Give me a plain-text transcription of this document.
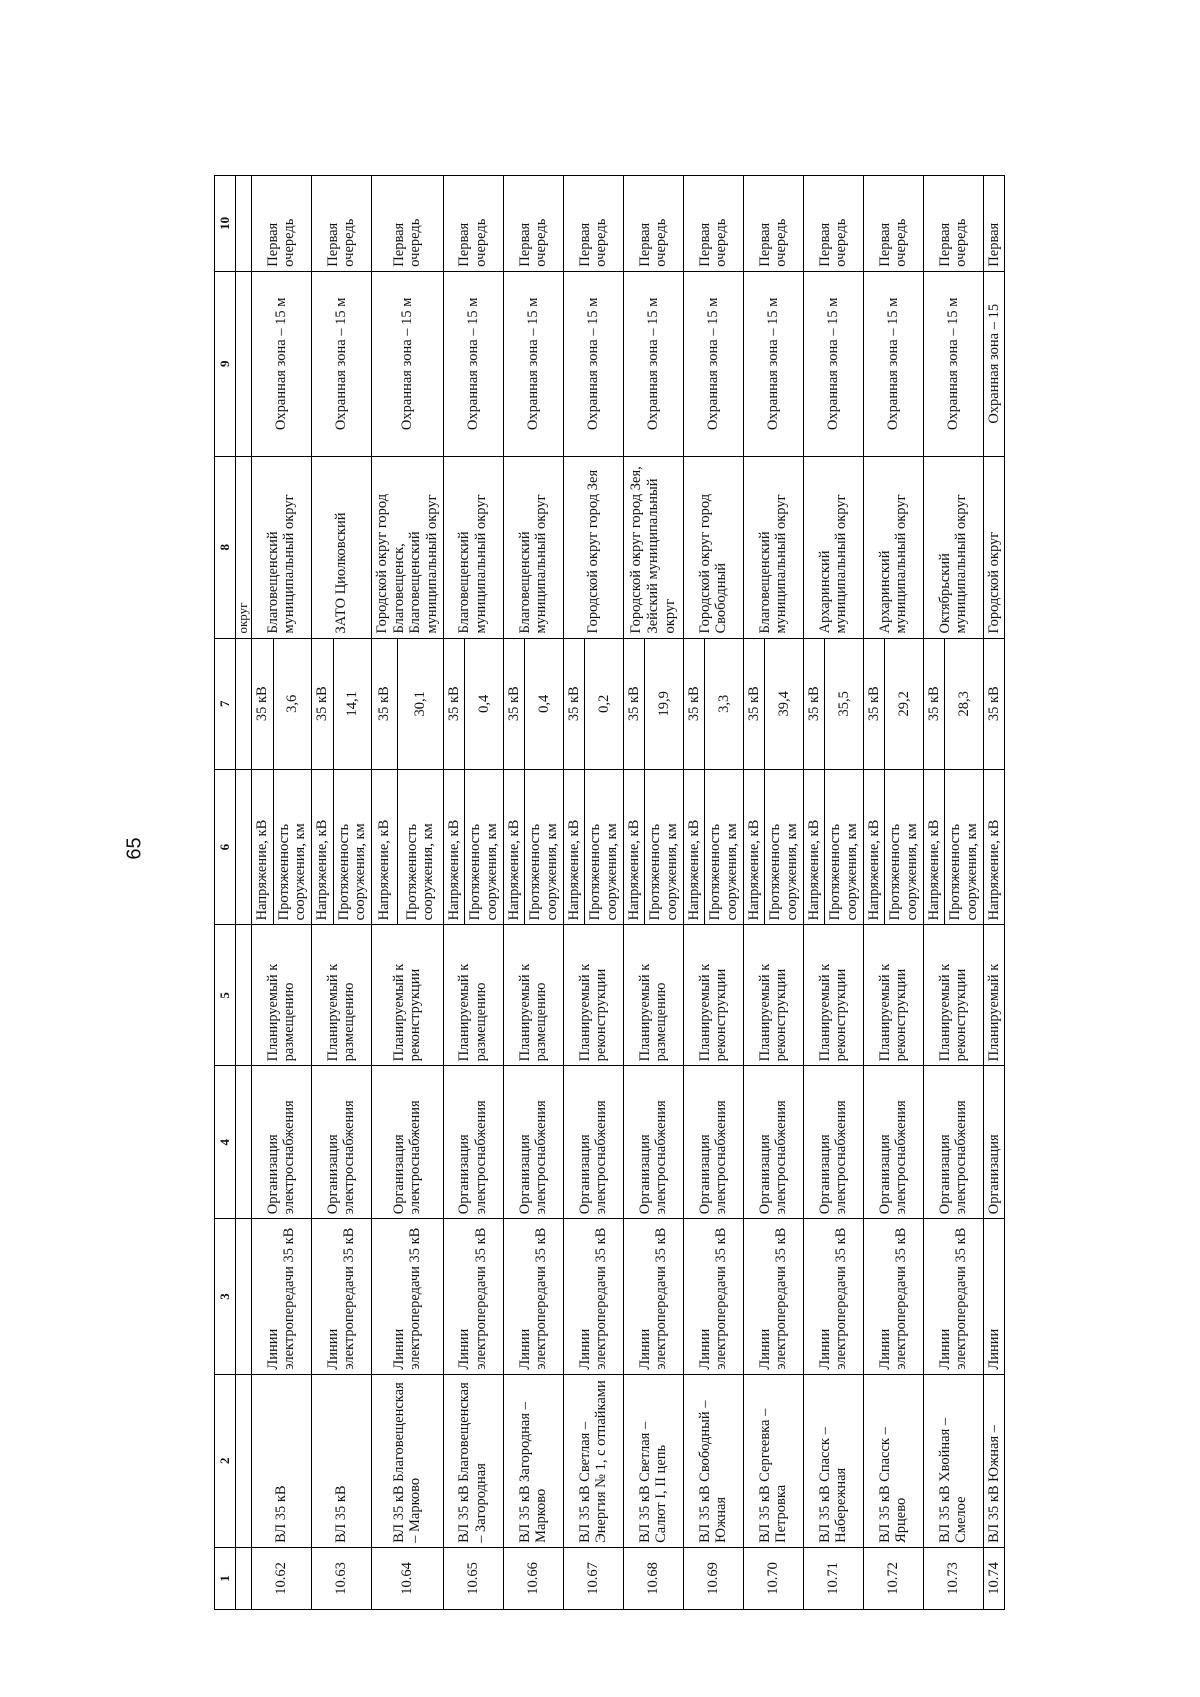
65
1	2	3	4	5	6	7	8	9	10
							округ		
10.62	ВЛ 35 кВ	Линии электропередачи 35 кВ	Организация электроснабжения	Планируемый к размещению	Напряжение, кВ	35 кВ	Благовещенский муниципальный округ	Охранная зона – 15 м	Первая очередь
					Протяженность сооружения, км	3,6			
10.63	ВЛ 35 кВ	Линии электропередачи 35 кВ	Организация электроснабжения	Планируемый к размещению	Напряжение, кВ	35 кВ	ЗАТО Циолковский	Охранная зона – 15 м	Первая очередь
					Протяженность сооружения, км	14,1			
10.64	ВЛ 35 кВ Благовещенская – Марково	Линии электропередачи 35 кВ	Организация электроснабжения	Планируемый к реконструкции	Напряжение, кВ	35 кВ	Городской округ город Благовещенск, Благовещенский муниципальный округ	Охранная зона – 15 м	Первая очередь
					Протяженность сооружения, км	30,1			
10.65	ВЛ 35 кВ Благовещенская – Загородная	Линии электропередачи 35 кВ	Организация электроснабжения	Планируемый к размещению	Напряжение, кВ	35 кВ	Благовещенский муниципальный округ	Охранная зона – 15 м	Первая очередь
					Протяженность сооружения, км	0,4			
10.66	ВЛ 35 кВ Загородная – Марково	Линии электропередачи 35 кВ	Организация электроснабжения	Планируемый к размещению	Напряжение, кВ	35 кВ	Благовещенский муниципальный округ	Охранная зона – 15 м	Первая очередь
					Протяженность сооружения, км	0,4			
10.67	ВЛ 35 кВ Светлая – Энергия № 1, с отпайками	Линии электропередачи 35 кВ	Организация электроснабжения	Планируемый к реконструкции	Напряжение, кВ	35 кВ	Городской округ город Зея	Охранная зона – 15 м	Первая очередь
					Протяженность сооружения, км	0,2			
10.68	ВЛ 35 кВ Светлая – Салют I, II цепь	Линии электропередачи 35 кВ	Организация электроснабжения	Планируемый к размещению	Напряжение, кВ	35 кВ	Городской округ город Зея, Зейский муниципальный округ	Охранная зона – 15 м	Первая очередь
					Протяженность сооружения, км	19,9			
10.69	ВЛ 35 кВ Свободный – Южная	Линии электропередачи 35 кВ	Организация электроснабжения	Планируемый к реконструкции	Напряжение, кВ	35 кВ	Городской округ город Свободный	Охранная зона – 15 м	Первая очередь
					Протяженность сооружения, км	3,3			
10.70	ВЛ 35 кВ Сергеевка – Петровка	Линии электропередачи 35 кВ	Организация электроснабжения	Планируемый к реконструкции	Напряжение, кВ	35 кВ	Благовещенский муниципальный округ	Охранная зона – 15 м	Первая очередь
					Протяженность сооружения, км	39,4			
10.71	ВЛ 35 кВ Спасск – Набережная	Линии электропередачи 35 кВ	Организация электроснабжения	Планируемый к реконструкции	Напряжение, кВ	35 кВ	Архаринский муниципальный округ	Охранная зона – 15 м	Первая очередь
					Протяженность сооружения, км	35,5			
10.72	ВЛ 35 кВ Спасск – Ярцево	Линии электропередачи 35 кВ	Организация электроснабжения	Планируемый к реконструкции	Напряжение, кВ	35 кВ	Архаринский муниципальный округ	Охранная зона – 15 м	Первая очередь
					Протяженность сооружения, км	29,2			
10.73	ВЛ 35 кВ Хвойная – Смелое	Линии электропередачи 35 кВ	Организация электроснабжения	Планируемый к реконструкции	Напряжение, кВ	35 кВ	Октябрьский муниципальный округ	Охранная зона – 15 м	Первая очередь
					Протяженность сооружения, км	28,3			
10.74	ВЛ 35 кВ Южная –	Линии	Организация	Планируемый к	Напряжение, кВ	35 кВ	Городской округ	Охранная зона – 15	Первая
